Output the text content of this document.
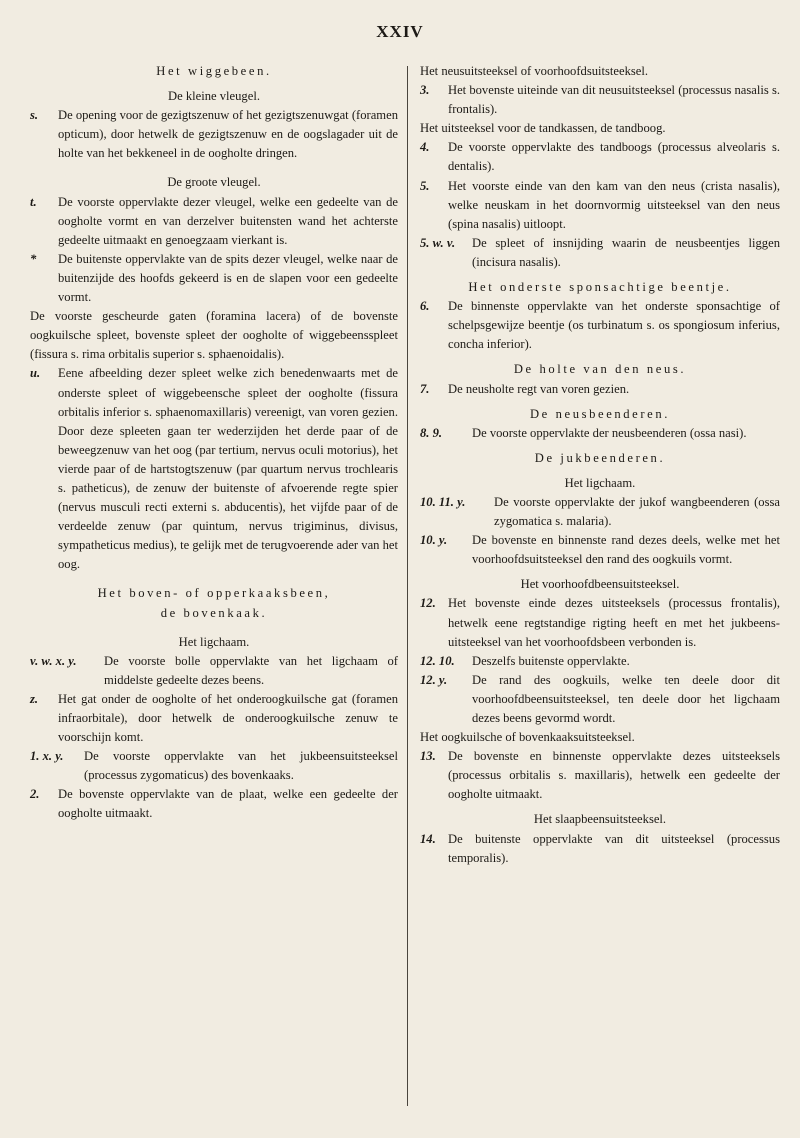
XXIV

Het wiggebeen.

De kleine vleugel.

s.	De opening voor de gezigtszenuw of het gezigtszenuwgat (foramen opticum), door hetwelk de gezigtszenuw en de oogslagader uit de holte van het bekkeneel in de oogholte dringen.

De groote vleugel.

t.	De voorste oppervlakte dezer vleugel, welke een gedeelte van de oogholte vormt en van derzelver buitensten wand het achterste gedeelte uitmaakt en genoegzaam vierkant is.
*	De buitenste oppervlakte van de spits dezer vleugel, welke naar de buitenzijde des hoofds gekeerd is en de slapen voor een gedeelte vormt.

De voorste gescheurde gaten (foramina lacera) of de bovenste oogkuilsche spleet, bovenste spleet der oogholte of wiggebeensspleet (fissura s. rima orbitalis superior s. sphaenoidalis).

u.	Eene afbeelding dezer spleet welke zich benedenwaarts met de onderste spleet of wiggebeensche spleet der oogholte (fissura orbitalis inferior s. sphaenomaxillaris) vereenigt, van voren gezien. Door deze spleeten gaan ter wederzijden het derde paar of de beweegzenuw van het oog (par tertium, nervus oculi motorius), het vierde paar of de hartstogtszenuw (par quartum nervus trochlearis s. patheticus), de zenuw der buitenste of afvoerende regte spier (nervus musculi recti externi s. abducentis), het vijfde paar of de verdeelde zenuw (par quintum, nervus trigiminus, divisus, sympatheticus medius), te gelijk met de terugvoerende ader van het oog.

Het boven- of opperkaaksbeen,

de bovenkaak.

Het ligchaam.

v. w. x. y.	De voorste bolle oppervlakte van het ligchaam of middelste gedeelte dezes beens.
z.	Het gat onder de oogholte of het onderoogkuilsche gat (foramen infraorbitale), door hetwelk de onderoogkuilsche zenuw te voorschijn komt.
1. x. y.	De voorste oppervlakte van het jukbeensuitsteeksel (processus zygomaticus) des bovenkaaks.
2.	De bovenste oppervlakte van de plaat, welke een gedeelte der oogholte uitmaakt.

Het neusuitsteeksel of voorhoofdsuitsteeksel.

3.	Het bovenste uiteinde van dit neusuitsteeksel (processus nasalis s. frontalis).

Het uitsteeksel voor de tandkassen, de tandboog.

4.	De voorste oppervlakte des tandboogs (processus alveolaris s. dentalis).
5.	Het voorste einde van den kam van den neus (crista nasalis), welke neuskam in het doornvormig uitsteeksel van den neus (spina nasalis) uitloopt.
5. w. v.	De spleet of insnijding waarin de neusbeentjes liggen (incisura nasalis).

Het onderste sponsachtige beentje.

6.	De binnenste oppervlakte van het onderste sponsachtige of schelpsgewijze beentje (os turbinatum s. os spongiosum inferius, concha inferior).

De holte van den neus.

7.	De neusholte regt van voren gezien.

De neusbeenderen.

8. 9.	De voorste oppervlakte der neusbeenderen (ossa nasi).

De jukbeenderen.

Het ligchaam.

10. 11. y.	De voorste oppervlakte der jukof wangbeenderen (ossa zygomatica s. malaria).
10. y.	De bovenste en binnenste rand dezes deels, welke met het voorhoofdsuitsteeksel den rand des oogkuils vormt.

Het voorhoofdbeensuitsteeksel.

12. Het bovenste einde dezes uitsteeksels (processus frontalis), hetwelk eene regtstandige rigting heeft en met het jukbeens-uitsteeksel van het voorhoofdsbeen verbonden is.
12. 10.	Deszelfs buitenste oppervlakte.
12. y.	De rand des oogkuils, welke ten deele door dit voorhoofdbeensuitsteeksel, ten deele door het ligchaam dezes beens gevormd wordt.

Het oogkuilsche of bovenkaaksuitsteeksel.

13. De bovenste en binnenste oppervlakte dezes uitsteeksels (processus orbitalis s. maxillaris), hetwelk een gedeelte der oogholte uitmaakt.

Het slaapbeensuitsteeksel.

14. De buitenste oppervlakte van dit uitsteeksel (processus temporalis).
